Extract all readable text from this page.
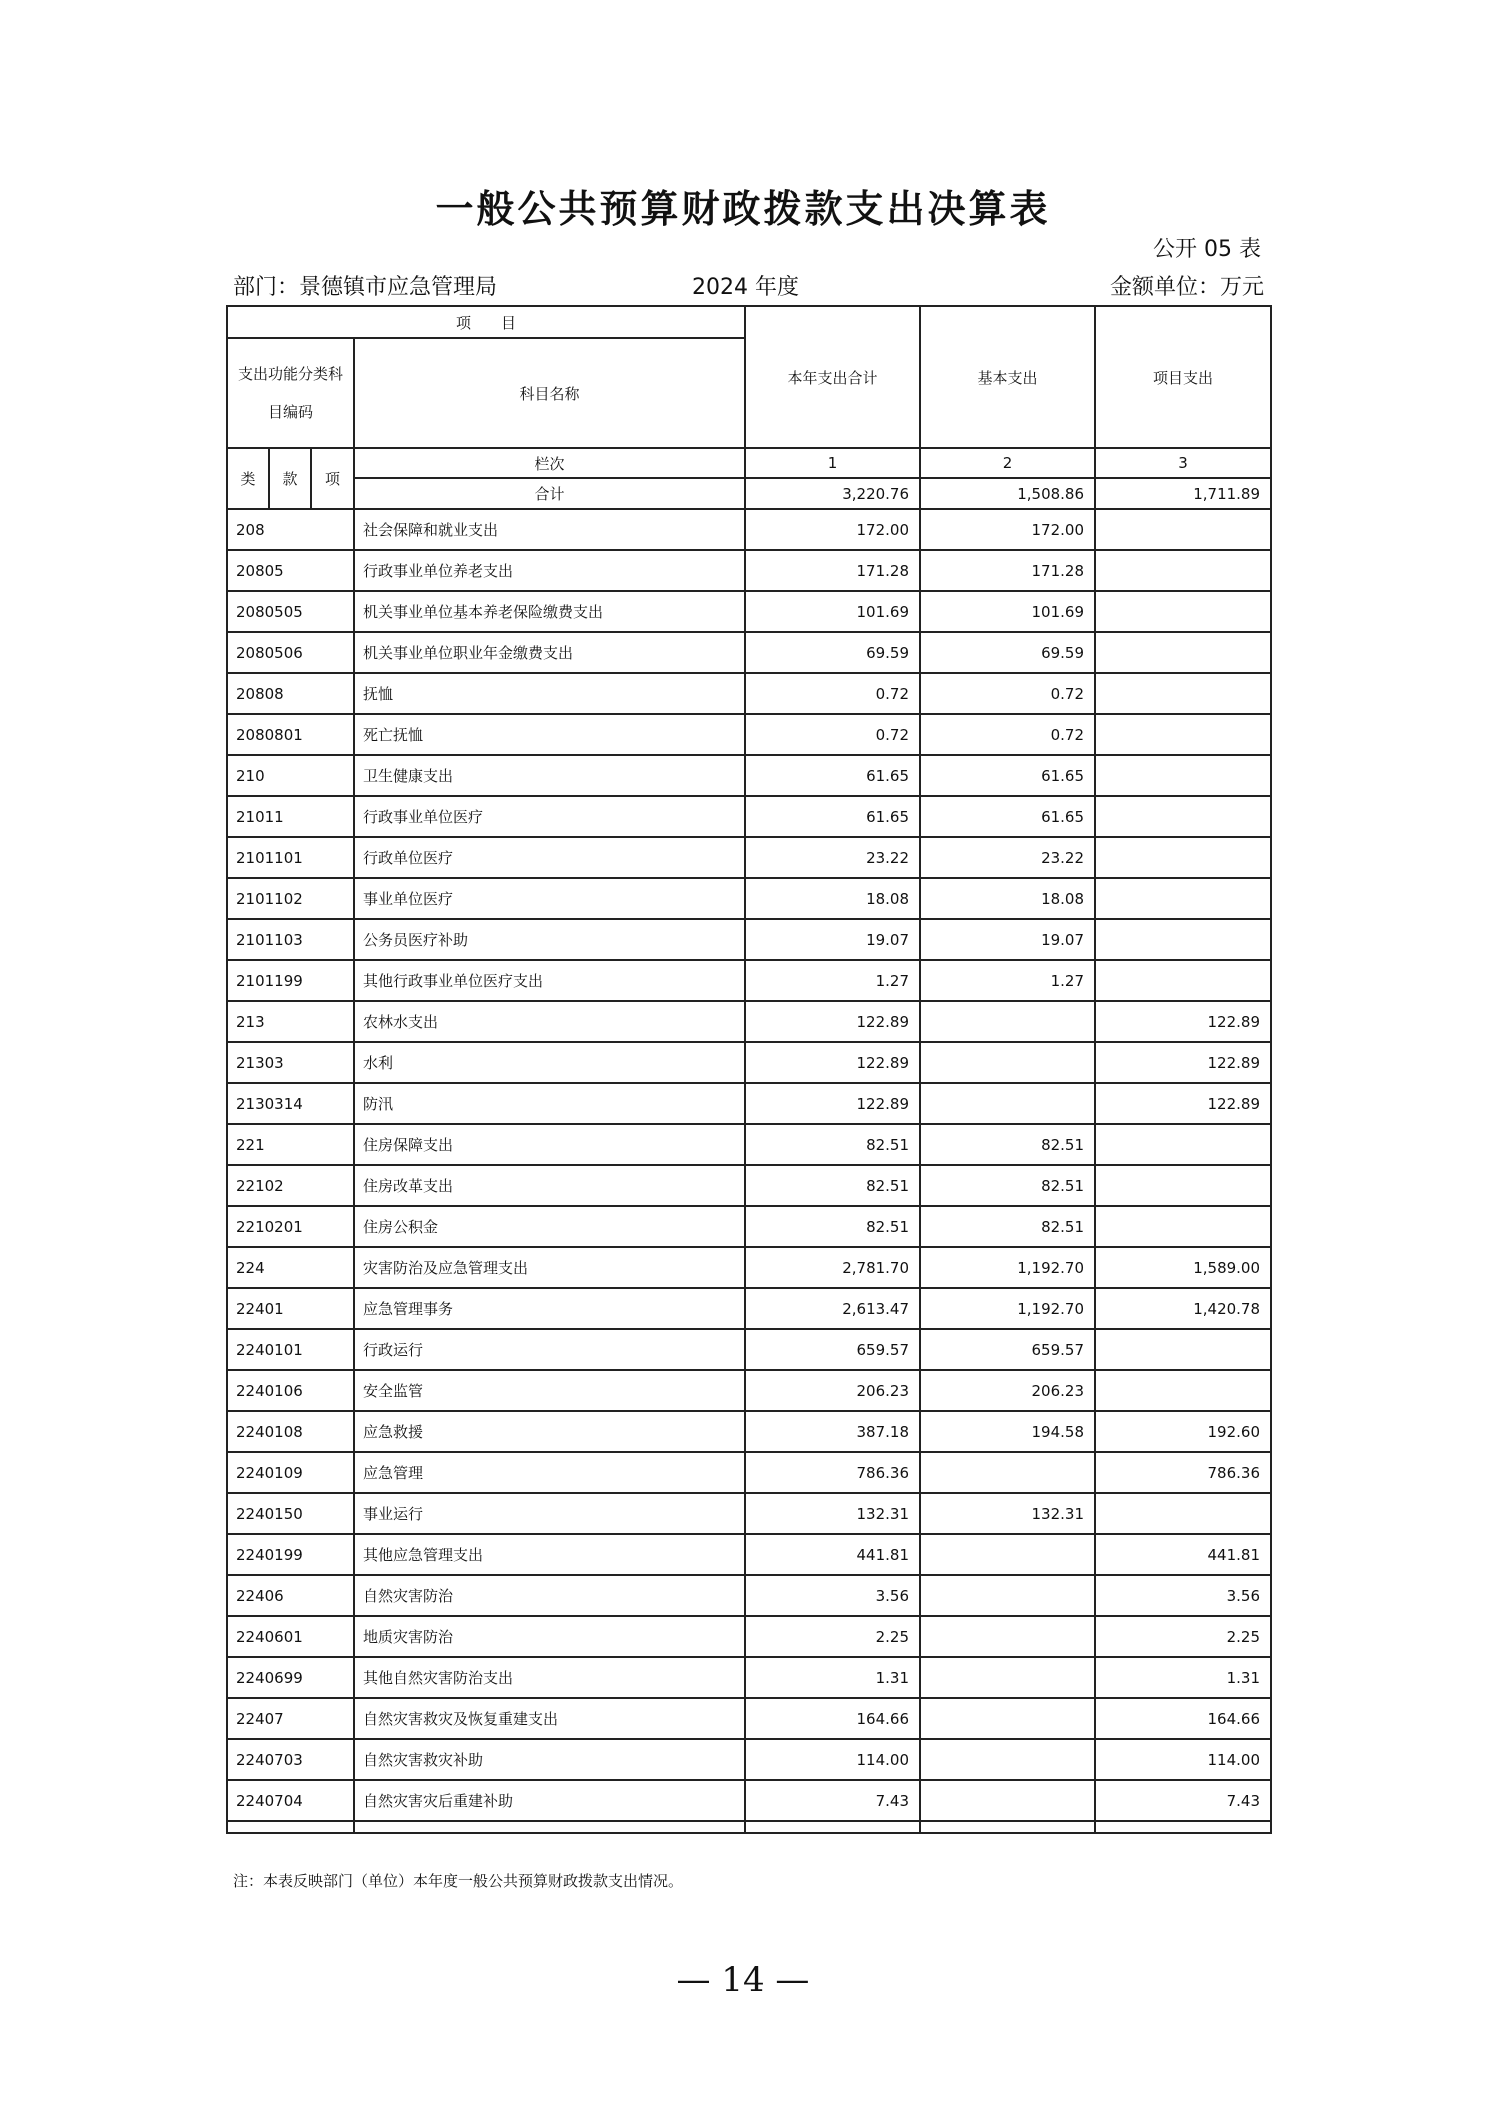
一般公共预算财政拨款支出决算表
公开 05 表
部门：景德镇市应急管理局	2024 年度	金额单位：万元
项　　目				本年支出合计	基本支出	项目支出

支出功能分类科目编码			科目名称			
类	款	项	栏次	1	2	3
			合计	3,220.76	1,508.86	1,711.89
208			社会保障和就业支出	172.00	172.00	
20805			行政事业单位养老支出	171.28	171.28	
2080505			机关事业单位基本养老保险缴费支出	101.69	101.69	
2080506			机关事业单位职业年金缴费支出	69.59	69.59	
20808			抚恤	0.72	0.72	
2080801			死亡抚恤	0.72	0.72	
210			卫生健康支出	61.65	61.65	
21011			行政事业单位医疗	61.65	61.65	
2101101			行政单位医疗	23.22	23.22	
2101102			事业单位医疗	18.08	18.08	
2101103			公务员医疗补助	19.07	19.07	
2101199			其他行政事业单位医疗支出	1.27	1.27	
213			农林水支出	122.89		122.89
21303			水利	122.89		122.89
2130314			防汛	122.89		122.89
221			住房保障支出	82.51	82.51	
22102			住房改革支出	82.51	82.51	
2210201			住房公积金	82.51	82.51	
224			灾害防治及应急管理支出	2,781.70	1,192.70	1,589.00
22401			应急管理事务	2,613.47	1,192.70	1,420.78
2240101			行政运行	659.57	659.57	
2240106			安全监管	206.23	206.23	
2240108			应急救援	387.18	194.58	192.60
2240109			应急管理	786.36		786.36
2240150			事业运行	132.31	132.31	
2240199			其他应急管理支出	441.81		441.81
22406			自然灾害防治	3.56		3.56
2240601			地质灾害防治	2.25		2.25
2240699			其他自然灾害防治支出	1.31		1.31
22407			自然灾害救灾及恢复重建支出	164.66		164.66
2240703			自然灾害救灾补助	114.00		114.00
2240704			自然灾害灾后重建补助	7.43		7.43

注：本表反映部门（单位）本年度一般公共预算财政拨款支出情况。
— 14 —
